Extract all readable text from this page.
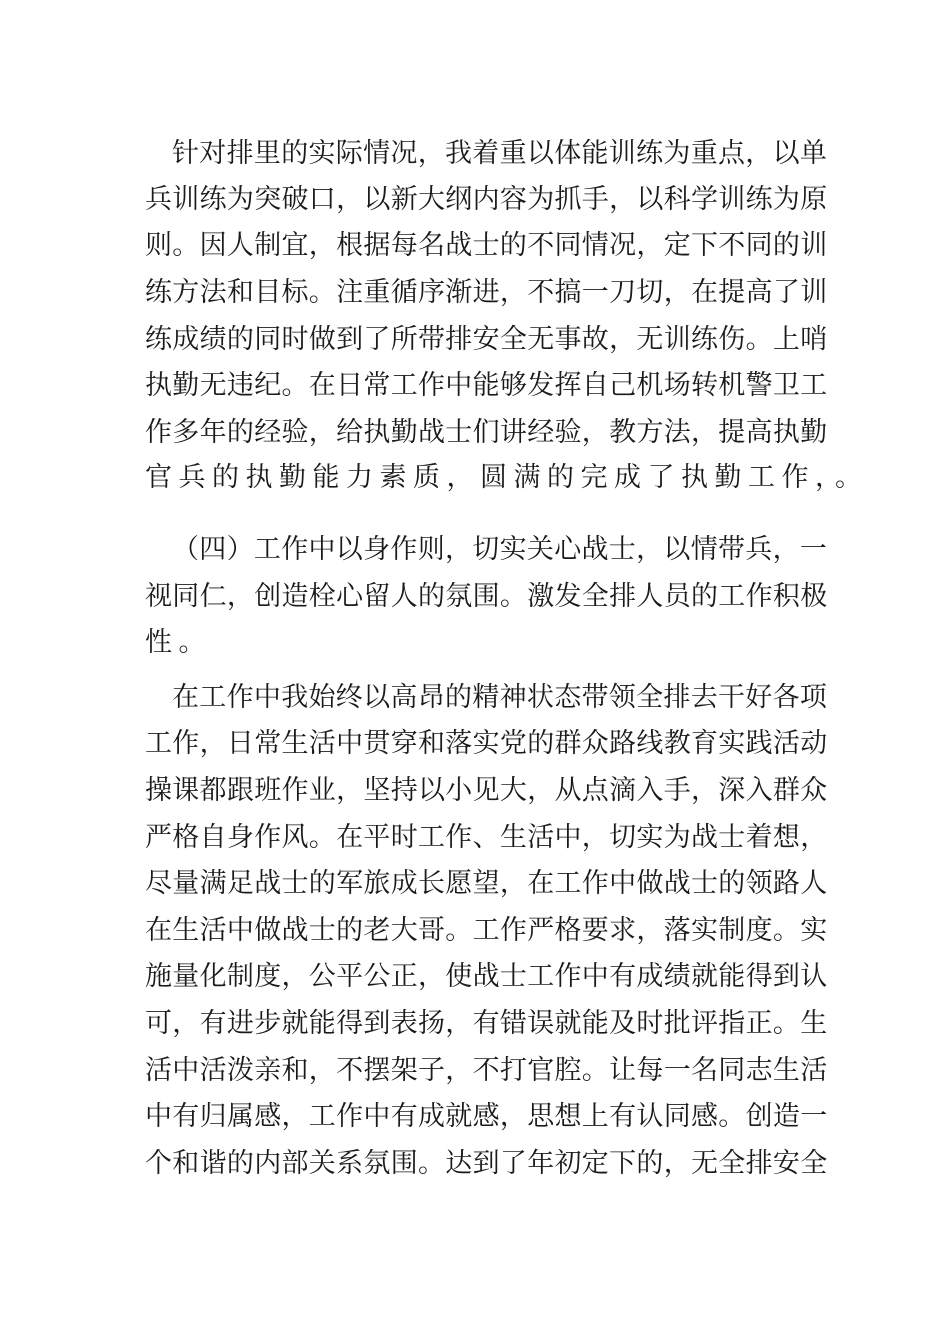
针对排里的实际情况，我着重以体能训练为重点，以单

兵训练为突破口，以新大纲内容为抓手，以科学训练为原

则。因人制宜，根据每名战士的不同情况，定下不同的训

练方法和目标。注重循序渐进，不搞一刀切，在提高了训

练成绩的同时做到了所带排安全无事故，无训练伤。上哨

执勤无违纪。在日常工作中能够发挥自己机场转机警卫工

作多年的经验，给执勤战士们讲经验，教方法，提高执勤

官兵的执勤能力素质，圆满的完成了执勤工作，。

（四）工作中以身作则，切实关心战士，以情带兵，一

视同仁，创造栓心留人的氛围。激发全排人员的工作积极

性。

在工作中我始终以高昂的精神状态带领全排去干好各项

工作，日常生活中贯穿和落实党的群众路线教育实践活动

操课都跟班作业，坚持以小见大，从点滴入手，深入群众

严格自身作风。在平时工作、生活中，切实为战士着想，

尽量满足战士的军旅成长愿望，在工作中做战士的领路人

在生活中做战士的老大哥。工作严格要求，落实制度。实

施量化制度，公平公正，使战士工作中有成绩就能得到认

可，有进步就能得到表扬，有错误就能及时批评指正。生

活中活泼亲和，不摆架子，不打官腔。让每一名同志生活

中有归属感，工作中有成就感，思想上有认同感。创造一

个和谐的内部关系氛围。达到了年初定下的，无全排安全
